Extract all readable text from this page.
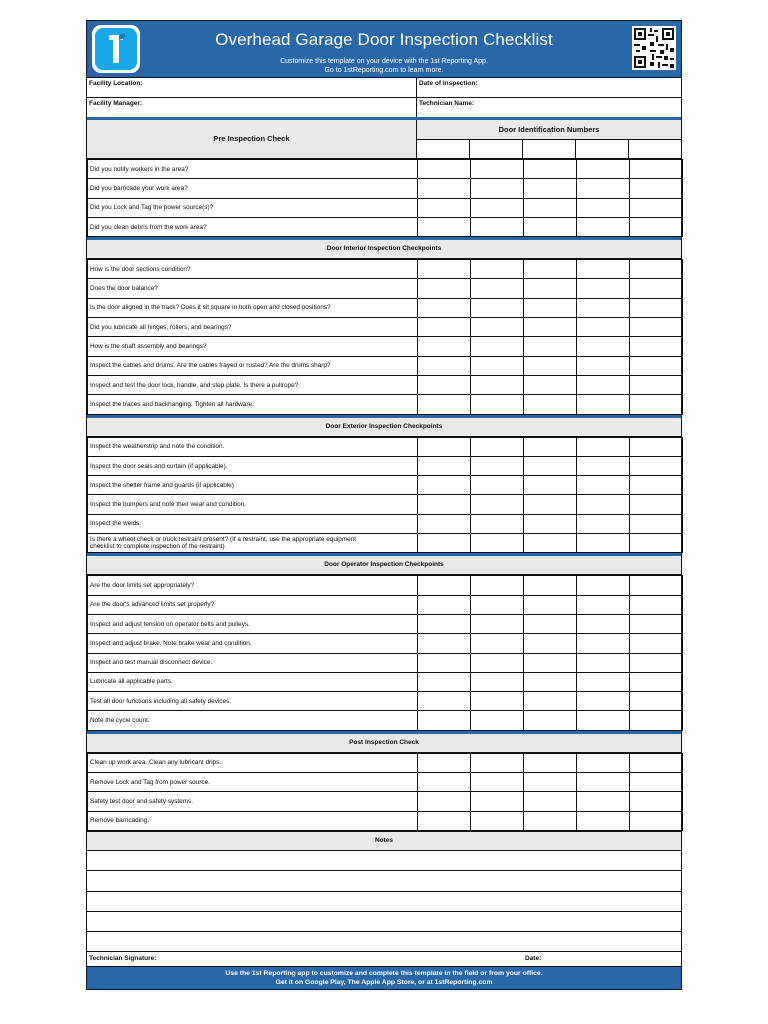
Overhead Garage Door Inspection Checklist
Customize this template on your device with the 1st Reporting App.
Go to 1stReporting.com to learn more.
Facility Location:	Date of Inspection:
Facility Manager:	Technician Name:
Pre Inspection Check
Door Identification Numbers
Did you notify workers in the area?					
Did you barricade your work area?					
Did you Lock and Tag the power source(s)?					
Did you clean debris from the work area?					
Door Interior Inspection Checkpoints
How is the door sections condition?					
Does the door balance?					
Is the door aligned in the track? Does it sit square in both open and closed positions?					
Did you lubricate all hinges, rollers, and bearings?					
How is the shaft assembly and bearings?					
Inspect the cables and drums. Are the cables frayed or rusted? Are the drums sharp?					
Inspect and test the door lock, handle, and step plate. Is there a pullrope?					
Inspect the traces and backhanging. Tighten all hardware.					
Door Exterior Inspection Checkpoints
Inspect the weatherstrip and note the condition.					
Inspect the door seals and curtain (if applicable).					
Inspect the shelter frame and guards (if applicable)					
Inspect the bumpers and note their wear and condition.					
Inspect the welds.					

Is there a wheel check or truck restraint present? (If a restraint, use the appropriate equipment
checklist to complete inspection of the restraint)					

Door Operator Inspection Checkpoints
Are the door limits set appropriately?					
Are the door's advanced limits set properly?					
Inspect and adjust tension on operator belts and pulleys.					
Inspect and adjust brake. Note brake wear and condition.					
Inspect and test manual disconnect device.					
Lubricate all applicable parts.					
Test all door functions including all safety devices.					
Note the cycle count.					
Post Inspection Check
Clean up work area. Clean any lubricant drips.					
Remove Lock and Tag from power source.					
Safety test door and safety systems.					
Remove barricading.					
Notes
Technician Signature:	Date:
Use the 1st Reporting app to customize and complete this template in the field or from your office.
Get it on Google Play, The Apple App Store, or at 1stReporting.com
